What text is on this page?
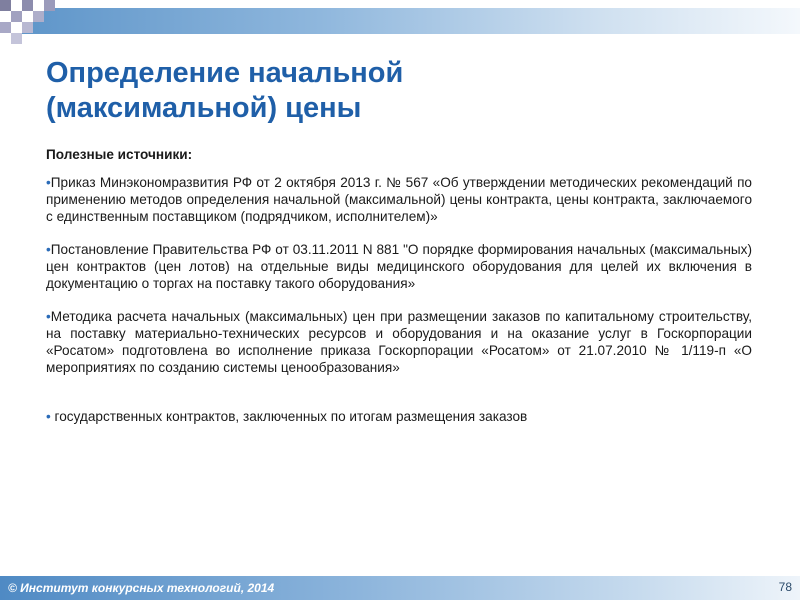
Определение начальной
(максимальной) цены
Полезные источники:
•Приказ Минэкономразвития РФ от 2 октября 2013 г. № 567 «Об утверждении методических рекомендаций по применению методов определения начальной (максимальной) цены контракта, цены контракта, заключаемого с единственным поставщиком (подрядчиком, исполнителем)»
•Постановление Правительства РФ от 03.11.2011 N 881 "О порядке формирования начальных (максимальных) цен контрактов (цен лотов) на отдельные виды медицинского оборудования для целей их включения в документацию о торгах на поставку такого оборудования»
•Методика расчета начальных (максимальных) цен при размещении заказов по капитальному строительству, на поставку материально-технических ресурсов и оборудования и на оказание услуг в Госкорпорации «Росатом» подготовлена во исполнение приказа Госкорпорации «Росатом» от 21.07.2010 № 1/119-п «О мероприятиях по созданию системы ценообразования»
• государственных контрактов, заключенных по итогам размещения заказов
© Институт конкурсных технологий, 2014	78
